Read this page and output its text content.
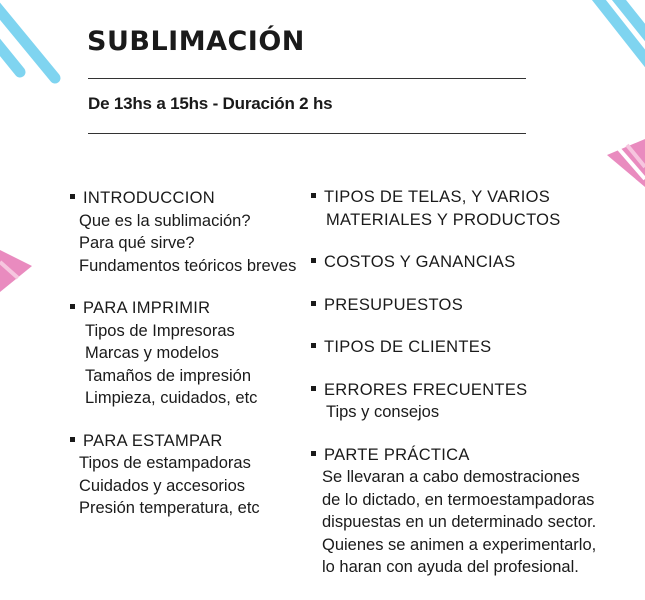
SUBLIMACIÓN
De 13hs a 15hs - Duración 2 hs
INTRODUCCION
Que es la sublimación?
Para qué sirve?
Fundamentos teóricos breves
PARA IMPRIMIR
Tipos de Impresoras
Marcas y modelos
Tamaños de impresión
Limpieza, cuidados, etc
PARA ESTAMPAR
Tipos de estampadoras
Cuidados y accesorios
Presión temperatura, etc
TIPOS DE TELAS, Y VARIOS
MATERIALES Y PRODUCTOS
COSTOS Y GANANCIAS
PRESUPUESTOS
TIPOS DE CLIENTES
ERRORES FRECUENTES
Tips y consejos
PARTE PRÁCTICA
Se llevaran a cabo demostraciones
de lo dictado, en termoestampadoras
dispuestas en un determinado sector.
Quienes se animen a experimentarlo,
lo haran con ayuda del profesional.
